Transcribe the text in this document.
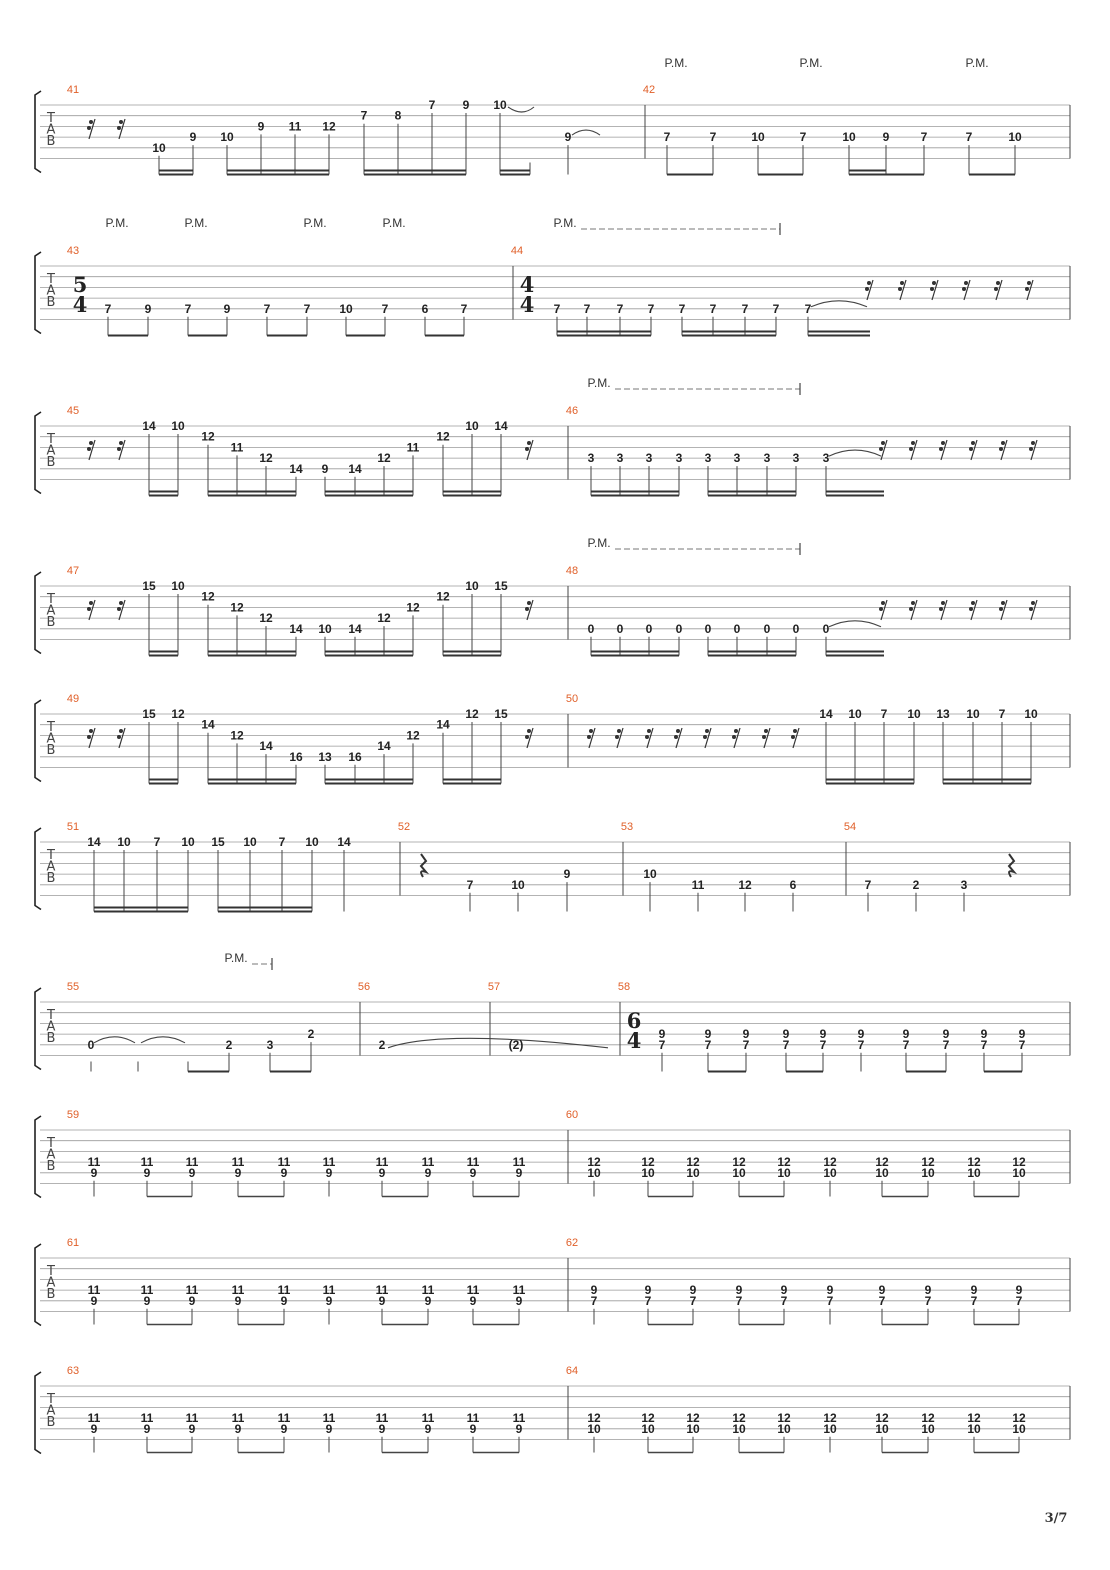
T
A
B
P.M.	P.M.	P.M.
41
10
9 10
9 11 12
7 8
7 9 10
9
42
7	7	10	7	10 9	7	7	10
T
A
B
P.M.	P.M.	P.M.	P.M.	P.M.
43
5
4 7	9	7	9	7	7 10 7	6	7
44
4
4 7 7 7 7 7 7 7 7 7
T
A
B
P.M.
45
14 10
12
11
12
14 9 14
12
11
12
10 14
46
3 3 3 3 3 3 3 3 3
T
A
B
P.M.
47
15 10
12
12
12
14 10 14
12
12
12
10 15
48
0 0 0 0 0 0 0 0 0
T
A
B
49
15 12
14
12
14
16 13 16
14
12
14
12 15
50
14 10 7 10 13 10 7 10
T
A
B
51
14 10 7 10 15 10 7 10 14
52
7	10
9
53
10
11	12	6
54
7	2	3
T
A
B
P.M.
55
0	2	3
2
56
2
57
(2)
58
6
4 9
7
9
7
9
7
9
7
9
7
9
7
9
7
9
7
9
7
9
7
T
A
B
59
11
9
11
9
11
9
11
9
11
9
11
9
11
9
11
9
11
9
11
9
60
12
10
12
10
12
10
12
10
12
10
12
10
12
10
12
10
12
10
12
10
T
A
B
61
11
9
11
9
11
9
11
9
11
9
11
9
11
9
11
9
11
9
11
9
62
9
7
9
7
9
7
9
7
9
7
9
7
9
7
9
7
9
7
9
7
T
A
B
63
11
9
11
9
11
9
11
9
11
9
11
9
11
9
11
9
11
9
11
9
64
12
10
12
10
12
10
12
10
12
10
12
10
12
10
12
10
12
10
12
10
3/7
